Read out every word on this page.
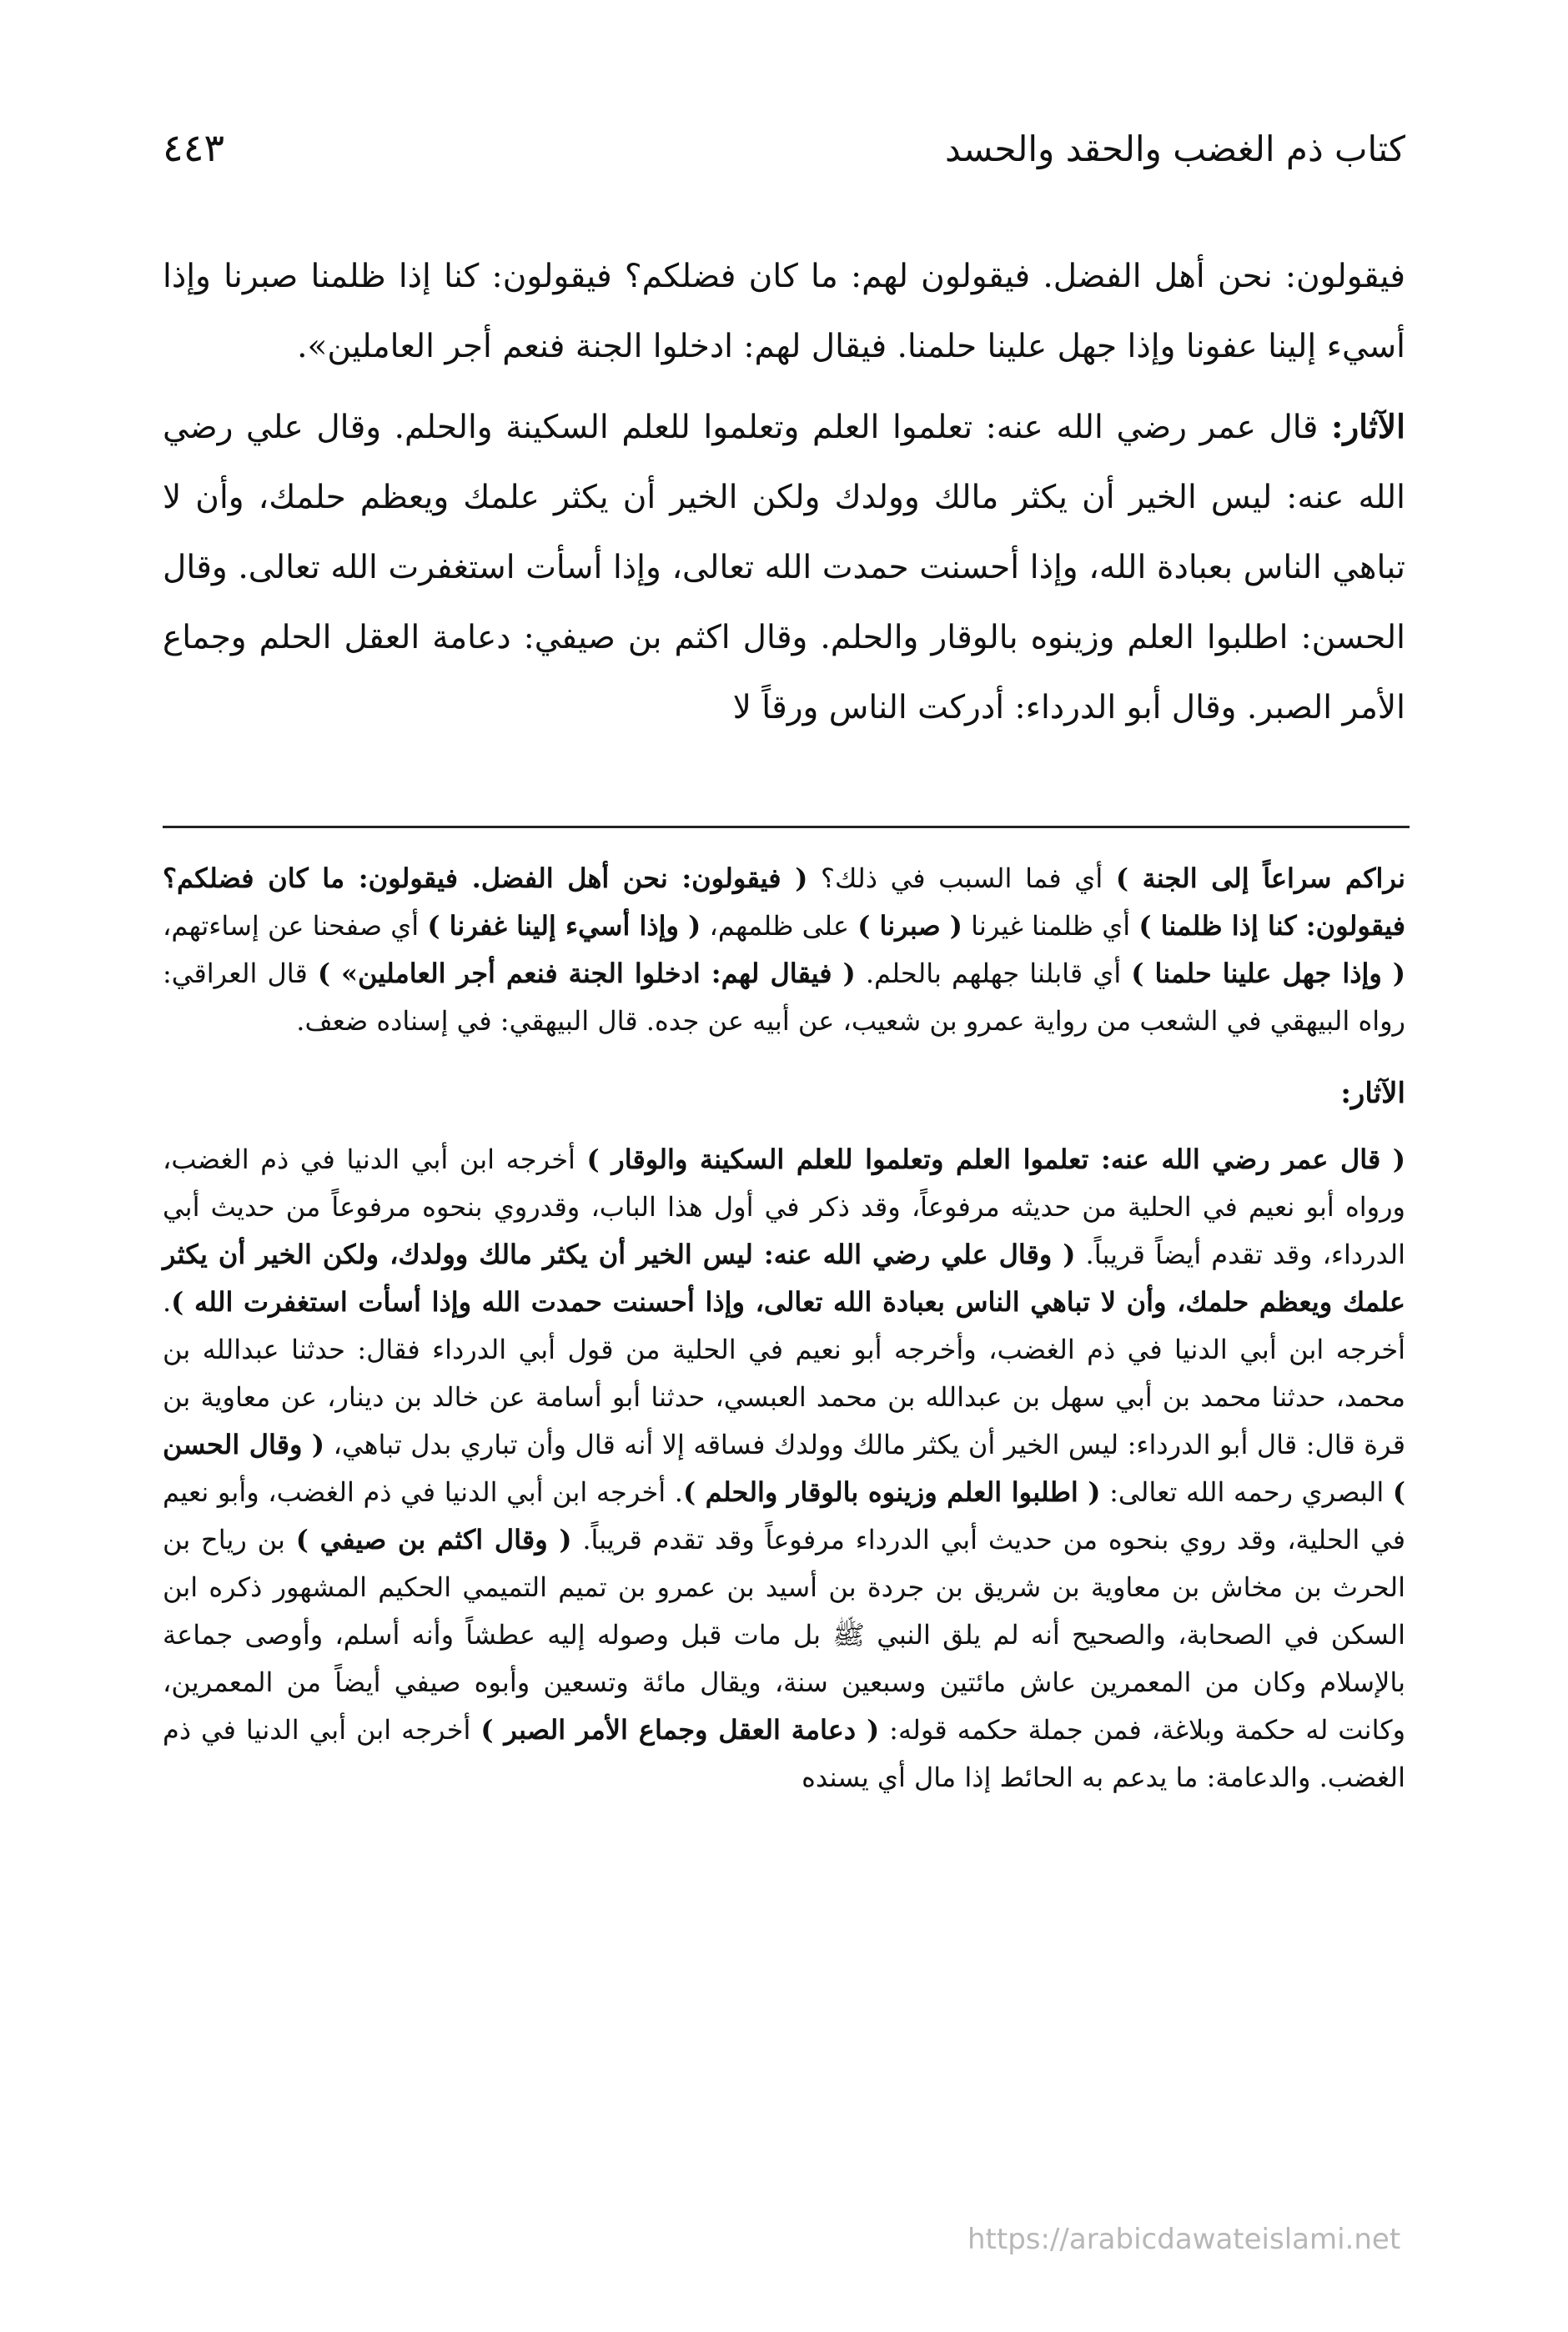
كتاب ذم الغضب والحقد والحسد
٤٤٣

فيقولون: نحن أهل الفضل. فيقولون لهم: ما كان فضلكم؟ فيقولون: كنا إذا ظلمنا صبرنا وإذا أسيء إلينا عفونا وإذا جهل علينا حلمنا. فيقال لهم: ادخلوا الجنة فنعم أجر العاملين».

الآثار: قال عمر رضي الله عنه: تعلموا العلم وتعلموا للعلم السكينة والحلم. وقال علي رضي الله عنه: ليس الخير أن يكثر مالك وولدك ولكن الخير أن يكثر علمك ويعظم حلمك، وأن لا تباهي الناس بعبادة الله، وإذا أحسنت حمدت الله تعالى، وإذا أسأت استغفرت الله تعالى. وقال الحسن: اطلبوا العلم وزينوه بالوقار والحلم. وقال اكثم بن صيفي: دعامة العقل الحلم وجماع الأمر الصبر. وقال أبو الدرداء: أدركت الناس ورقاً لا

نراكم سراعاً إلى الجنة ) أي فما السبب في ذلك؟ ( فيقولون: نحن أهل الفضل. فيقولون: ما كان فضلكم؟ فيقولون: كنا إذا ظلمنا ) أي ظلمنا غيرنا ( صبرنا ) على ظلمهم، ( وإذا أسيء إلينا غفرنا ) أي صفحنا عن إساءتهم، ( وإذا جهل علينا حلمنا ) أي قابلنا جهلهم بالحلم. ( فيقال لهم: ادخلوا الجنة فنعم أجر العاملين» ) قال العراقي: رواه البيهقي في الشعب من رواية عمرو بن شعيب، عن أبيه عن جده. قال البيهقي: في إسناده ضعف.

الآثار:

( قال عمر رضي الله عنه: تعلموا العلم وتعلموا للعلم السكينة والوقار ) أخرجه ابن أبي الدنيا في ذم الغضب، ورواه أبو نعيم في الحلية من حديثه مرفوعاً، وقد ذكر في أول هذا الباب، وقدروي بنحوه مرفوعاً من حديث أبي الدرداء، وقد تقدم أيضاً قريباً. ( وقال علي رضي الله عنه: ليس الخير أن يكثر مالك وولدك، ولكن الخير أن يكثر علمك ويعظم حلمك، وأن لا تباهي الناس بعبادة الله تعالى، وإذا أحسنت حمدت الله وإذا أسأت استغفرت الله ). أخرجه ابن أبي الدنيا في ذم الغضب، وأخرجه أبو نعيم في الحلية من قول أبي الدرداء فقال: حدثنا عبدالله بن محمد، حدثنا محمد بن أبي سهل بن عبدالله بن محمد العبسي، حدثنا أبو أسامة عن خالد بن دينار، عن معاوية بن قرة قال: قال أبو الدرداء: ليس الخير أن يكثر مالك وولدك فساقه إلا أنه قال وأن تباري بدل تباهي، ( وقال الحسن ) البصري رحمه الله تعالى: ( اطلبوا العلم وزينوه بالوقار والحلم ). أخرجه ابن أبي الدنيا في ذم الغضب، وأبو نعيم في الحلية، وقد روي بنحوه من حديث أبي الدرداء مرفوعاً وقد تقدم قريباً. ( وقال اكثم بن صيفي ) بن رياح بن الحرث بن مخاش بن معاوية بن شريق بن جردة بن أسيد بن عمرو بن تميم التميمي الحكيم المشهور ذكره ابن السكن في الصحابة، والصحيح أنه لم يلق النبي ﷺ بل مات قبل وصوله إليه عطشاً وأنه أسلم، وأوصى جماعة بالإسلام وكان من المعمرين عاش مائتين وسبعين سنة، ويقال مائة وتسعين وأبوه صيفي أيضاً من المعمرين، وكانت له حكمة وبلاغة، فمن جملة حكمه قوله: ( دعامة العقل وجماع الأمر الصبر ) أخرجه ابن أبي الدنيا في ذم الغضب. والدعامة: ما يدعم به الحائط إذا مال أي يسنده

https://arabicdawateislami.net
